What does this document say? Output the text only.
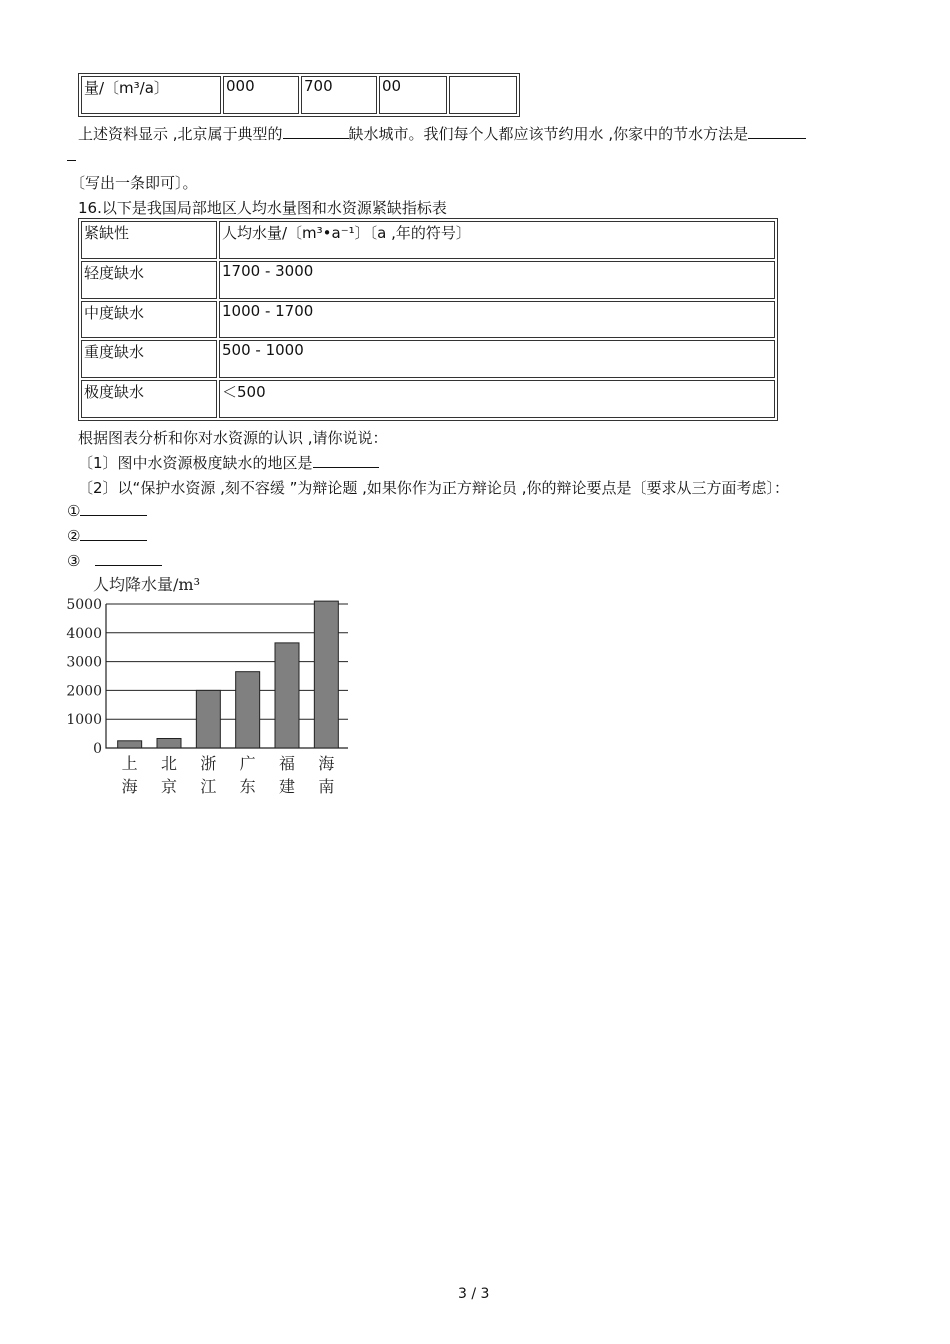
量/〔m³/a〕	000	700	00	
上述资料显示 ,北京属于典型的	缺水城市。我们每个人都应该节约用水 ,你家中的节水方法是
〔写出一条即可〕。
16.以下是我国局部地区人均水量图和水资源紧缺指标表
紧缺性	人均水量/〔m³•a⁻¹〕〔a ,年的符号〕
轻度缺水	1700 - 3000
中度缺水	1000 - 1700
重度缺水	500 - 1000
极度缺水	＜500
根据图表分析和你对水资源的认识 ,请你说说：
〔1〕图中水资源极度缺水的地区是
〔2〕以“保护水资源 ,刻不容缓 ”为辩论题 ,如果你作为正方辩论员 ,你的辩论要点是〔要求从三方面考虑〕：
①
②
③
人均降水量/m³
0
1000
2000
3000
4000
5000
上海
北京
浙江
广东
福建
海南
3 / 3
